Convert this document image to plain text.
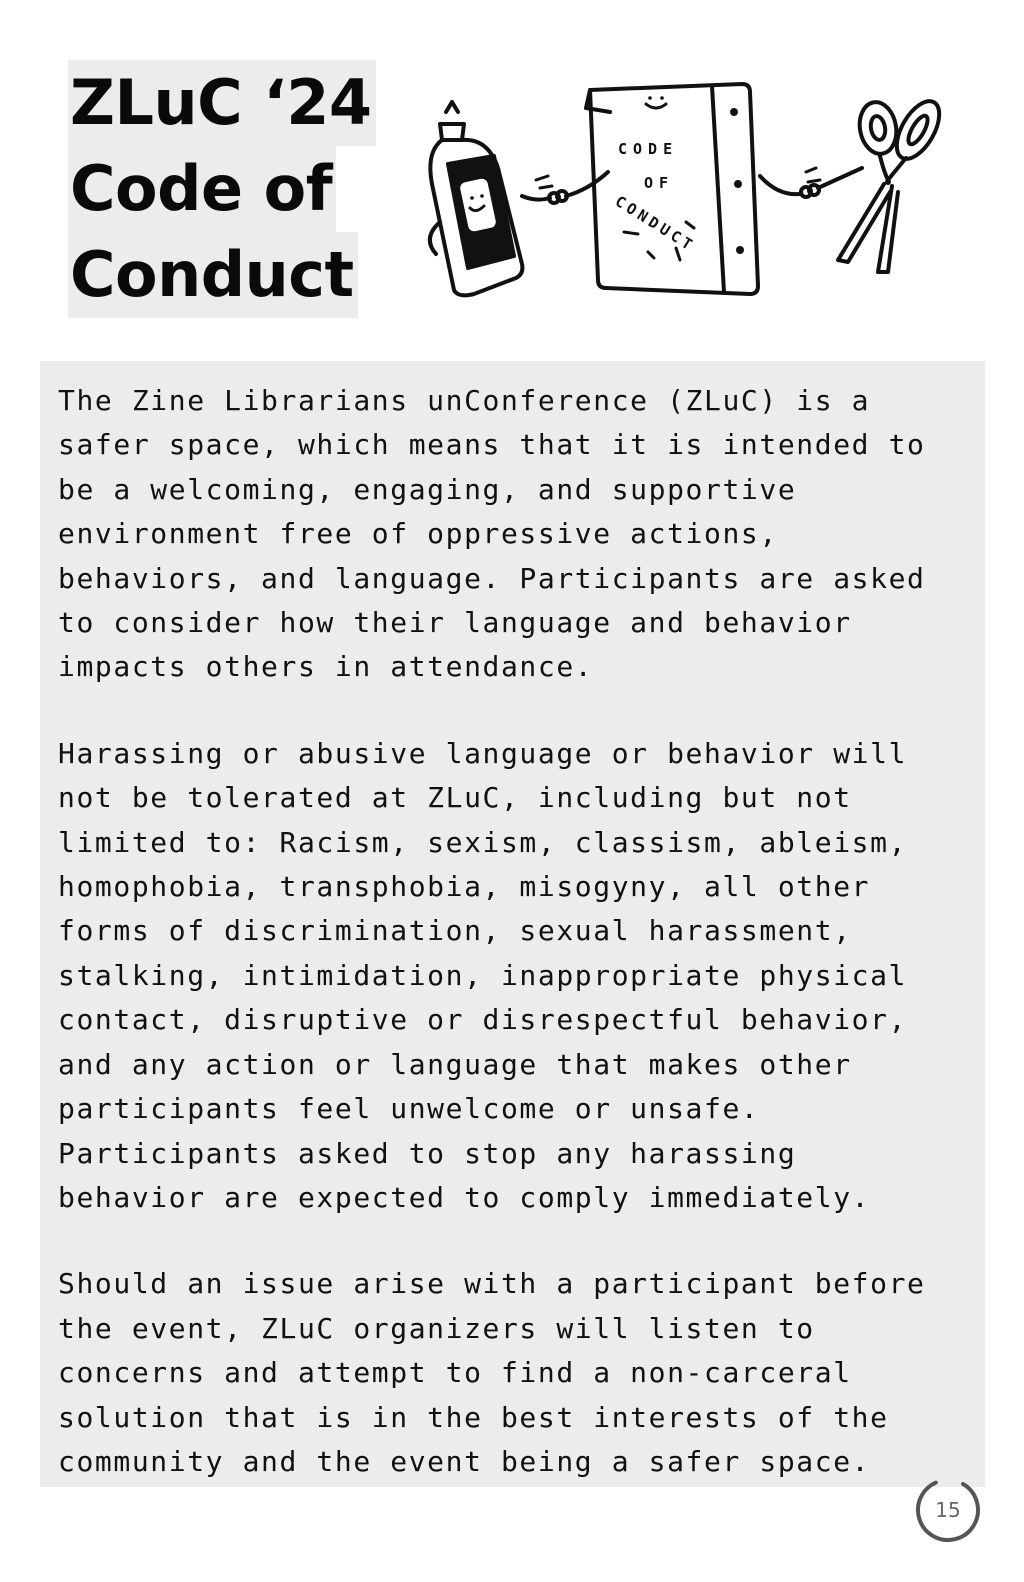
ZLuC ‘24
Code of
Conduct
CODE
OF
CONDUCT

The Zine Librarians unConference (ZLuC) is a
safer space, which means that it is intended to
be a welcoming, engaging, and supportive
environment free of oppressive actions,
behaviors, and language. Participants are asked
to consider how their language and behavior
impacts others in attendance.

Harassing or abusive language or behavior will
not be tolerated at ZLuC, including but not
limited to: Racism, sexism, classism, ableism,
homophobia, transphobia, misogyny, all other
forms of discrimination, sexual harassment,
stalking, intimidation, inappropriate physical
contact, disruptive or disrespectful behavior,
and any action or language that makes other
participants feel unwelcome or unsafe.
Participants asked to stop any harassing
behavior are expected to comply immediately.

Should an issue arise with a participant before
the event, ZLuC organizers will listen to
concerns and attempt to find a non-carceral
solution that is in the best interests of the
community and the event being a safer space.

15
